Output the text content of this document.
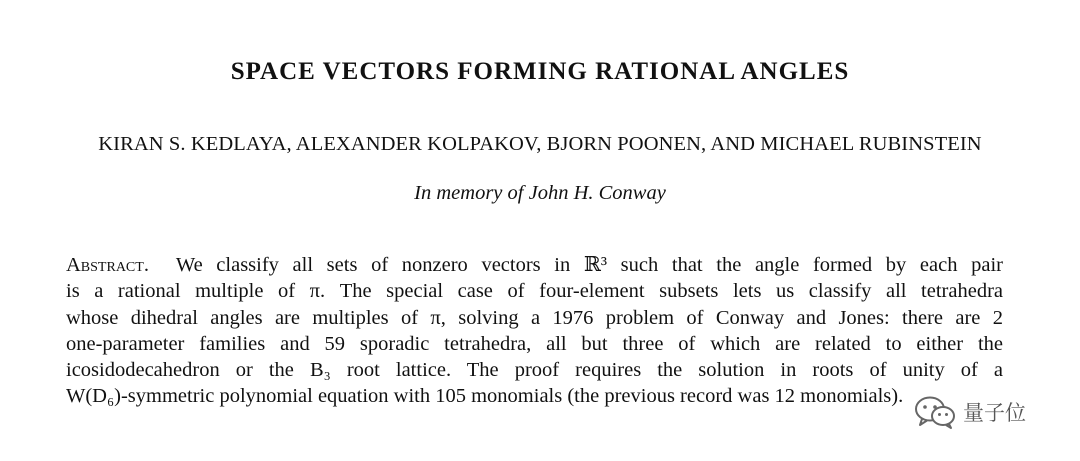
SPACE VECTORS FORMING RATIONAL ANGLES

KIRAN S. KEDLAYA, ALEXANDER KOLPAKOV, BJORN POONEN, AND MICHAEL RUBINSTEIN

In memory of John H. Conway

Abstract. We classify all sets of nonzero vectors in ℝ³ such that the angle formed by each pair
is a rational multiple of π. The special case of four-element subsets lets us classify all tetrahedra
whose dihedral angles are multiples of π, solving a 1976 problem of Conway and Jones: there are 2
one-parameter families and 59 sporadic tetrahedra, all but three of which are related to either the
icosidodecahedron or the B₃ root lattice. The proof requires the solution in roots of unity of a
W(D₆)-symmetric polynomial equation with 105 monomials (the previous record was 12 monomials).
量子位
